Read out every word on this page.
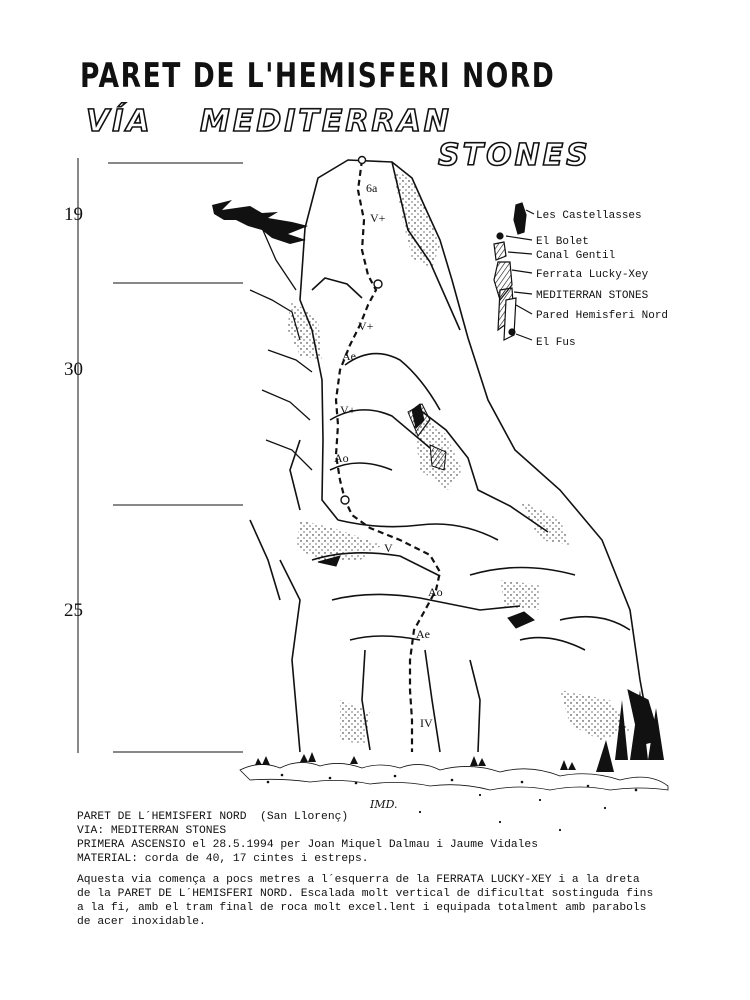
PARET DE L'HEMISFERI NORD
VÍA MEDITERRAN
STONES
19
30
25
6a
V+
V+
Ae
V+
Ao
V
Ao
Ae
IV
IMD.
Les Castellasses
El Bolet
Canal Gentil
Ferrata Lucky-Xey
MEDITERRAN STONES
Pared Hemisferi Nord
El Fus
PARET DE L´HEMISFERI NORD (San Llorenç)
VIA: MEDITERRAN STONES
PRIMERA ASCENSIO el 28.5.1994 per Joan Miquel Dalmau i Jaume Vidales
MATERIAL: corda de 40, 17 cintes i estreps.
Aquesta via comença a pocs metres a l´esquerra de la FERRATA LUCKY-XEY i a la dreta
de la PARET DE L´HEMISFERI NORD. Escalada molt vertical de dificultat sostinguda fins
a la fi, amb el tram final de roca molt excel.lent i equipada totalment amb parabols
de acer inoxidable.
